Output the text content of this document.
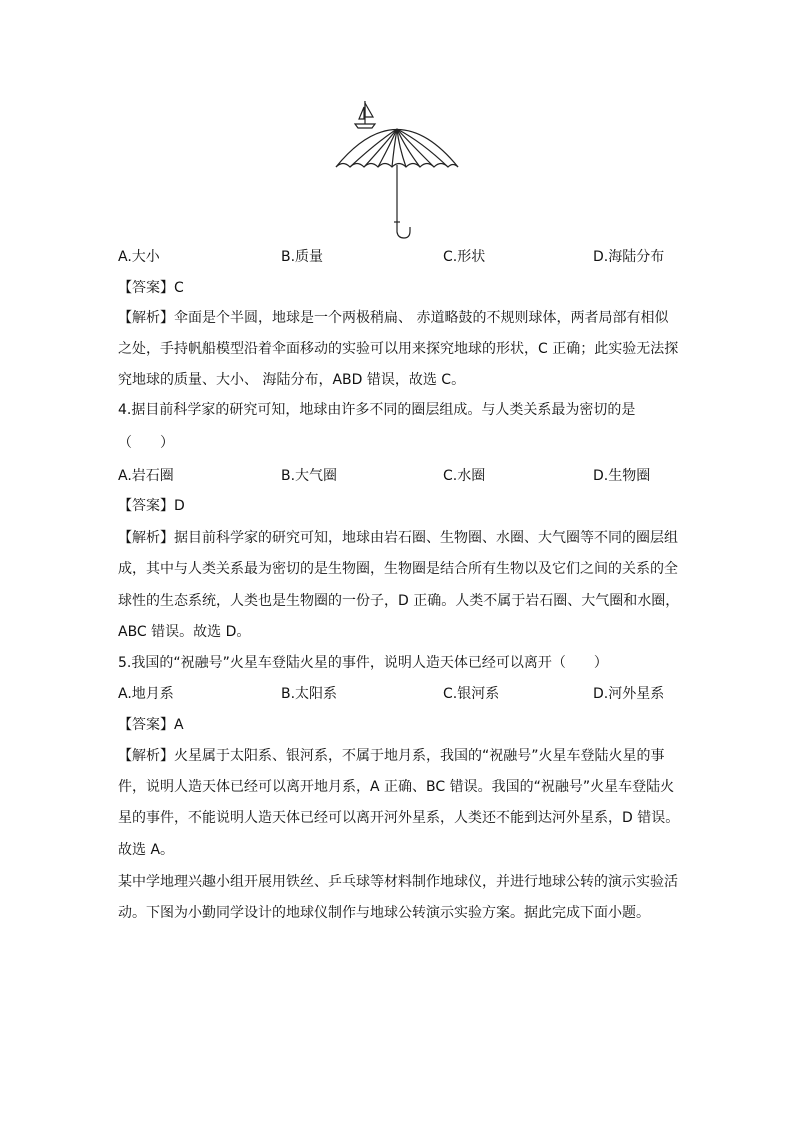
A.大小	B.质量	C.形状	D.海陆分布
【答案】C
【解析】伞面是个半圆，地球是一个两极稍扁、 赤道略鼓的不规则球体，两者局部有相似
之处，手持帆船模型沿着伞面移动的实验可以用来探究地球的形状，C 正确；此实验无法探
究地球的质量、大小、 海陆分布，ABD 错误，故选 C。
4.据目前科学家的研究可知，地球由许多不同的圈层组成。与人类关系最为密切的是
（　　）
A.岩石圈	B.大气圈	C.水圈	D.生物圈
【答案】D
【解析】据目前科学家的研究可知，地球由岩石圈、生物圈、水圈、大气圈等不同的圈层组
成，其中与人类关系最为密切的是生物圈，生物圈是结合所有生物以及它们之间的关系的全
球性的生态系统，人类也是生物圈的一份子，D 正确。人类不属于岩石圈、大气圈和水圈，
ABC 错误。故选 D。
5.我国的“祝融号”火星车登陆火星的事件，说明人造天体已经可以离开（　　）
A.地月系	B.太阳系	C.银河系	D.河外星系
【答案】A
【解析】火星属于太阳系、银河系，不属于地月系，我国的“祝融号”火星车登陆火星的事
件，说明人造天体已经可以离开地月系，A 正确、BC 错误。我国的“祝融号”火星车登陆火
星的事件，不能说明人造天体已经可以离开河外星系，人类还不能到达河外星系，D 错误。
故选 A。
某中学地理兴趣小组开展用铁丝、乒乓球等材料制作地球仪，并进行地球公转的演示实验活
动。下图为小勤同学设计的地球仪制作与地球公转演示实验方案。据此完成下面小题。
